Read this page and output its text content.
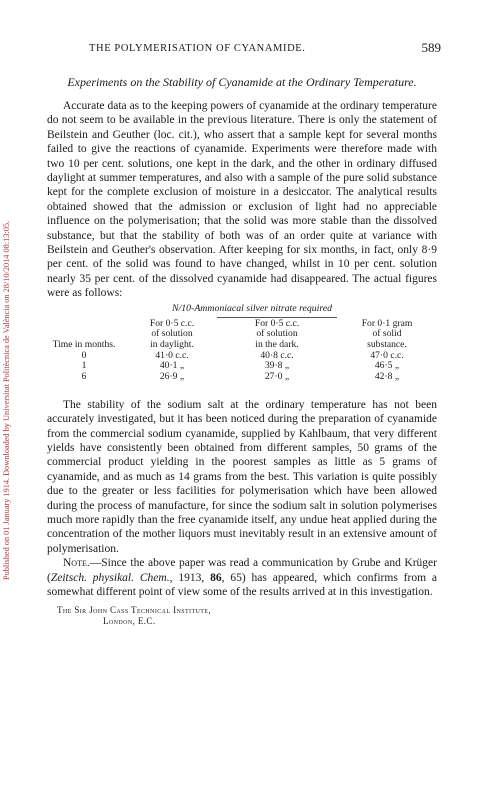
Published on 01 January 1914. Downloaded by Universitat Politècnica de València on 28/10/2014 08:13:05.
THE POLYMERISATION OF CYANAMIDE.	589
Experiments on the Stability of Cyanamide at the Ordinary Temperature.

Accurate data as to the keeping powers of cyanamide at the ordinary temperature do not seem to be available in the previous literature. There is only the statement of Beilstein and Geuther (loc. cit.), who assert that a sample kept for several months failed to give the reactions of cyanamide. Experiments were therefore made with two 10 per cent. solutions, one kept in the dark, and the other in ordinary diffused daylight at summer temperatures, and also with a sample of the pure solid substance kept for the complete exclusion of moisture in a desiccator. The analytical results obtained showed that the admission or exclusion of light had no appreciable influence on the polymerisation; that the solid was more stable than the dissolved substance, but that the stability of both was of an order quite at variance with Beilstein and Geuther's observation. After keeping for six months, in fact, only 8·9 per cent. of the solid was found to have changed, whilst in 10 per cent. solution nearly 35 per cent. of the dissolved cyanamide had disappeared. The actual figures were as follows:

N/10-Ammoniacal silver nitrate required
Time in months.
For 0·5 c.c.
of solution
in daylight.
For 0·5 c.c.
of solution
in the dark.
For 0·1 gram
of solid
substance.
0
1
6
41·0 c.c.
40·1 „
26·9 „
40·8 c.c.
39·8 „
27·0 „
47·0 c.c.
46·5 „
42·8 „

The stability of the sodium salt at the ordinary temperature has not been accurately investigated, but it has been noticed during the preparation of cyanamide from the commercial sodium cyanamide, supplied by Kahlbaum, that very different yields have consistently been obtained from different samples, 50 grams of the commercial product yielding in the poorest samples as little as 5 grams of cyanamide, and as much as 14 grams from the best. This variation is quite possibly due to the greater or less facilities for polymerisation which have been allowed during the process of manufacture, for since the sodium salt in solution polymerises much more rapidly than the free cyanamide itself, any undue heat applied during the concentration of the mother liquors must inevitably result in an extensive amount of polymerisation.

Note.—Since the above paper was read a communication by Grube and Krüger (Zeitsch. physikal. Chem., 1913, 86, 65) has appeared, which confirms from a somewhat different point of view some of the results arrived at in this investigation.

The Sir John Cass Technical Institute,
London, E.C.
